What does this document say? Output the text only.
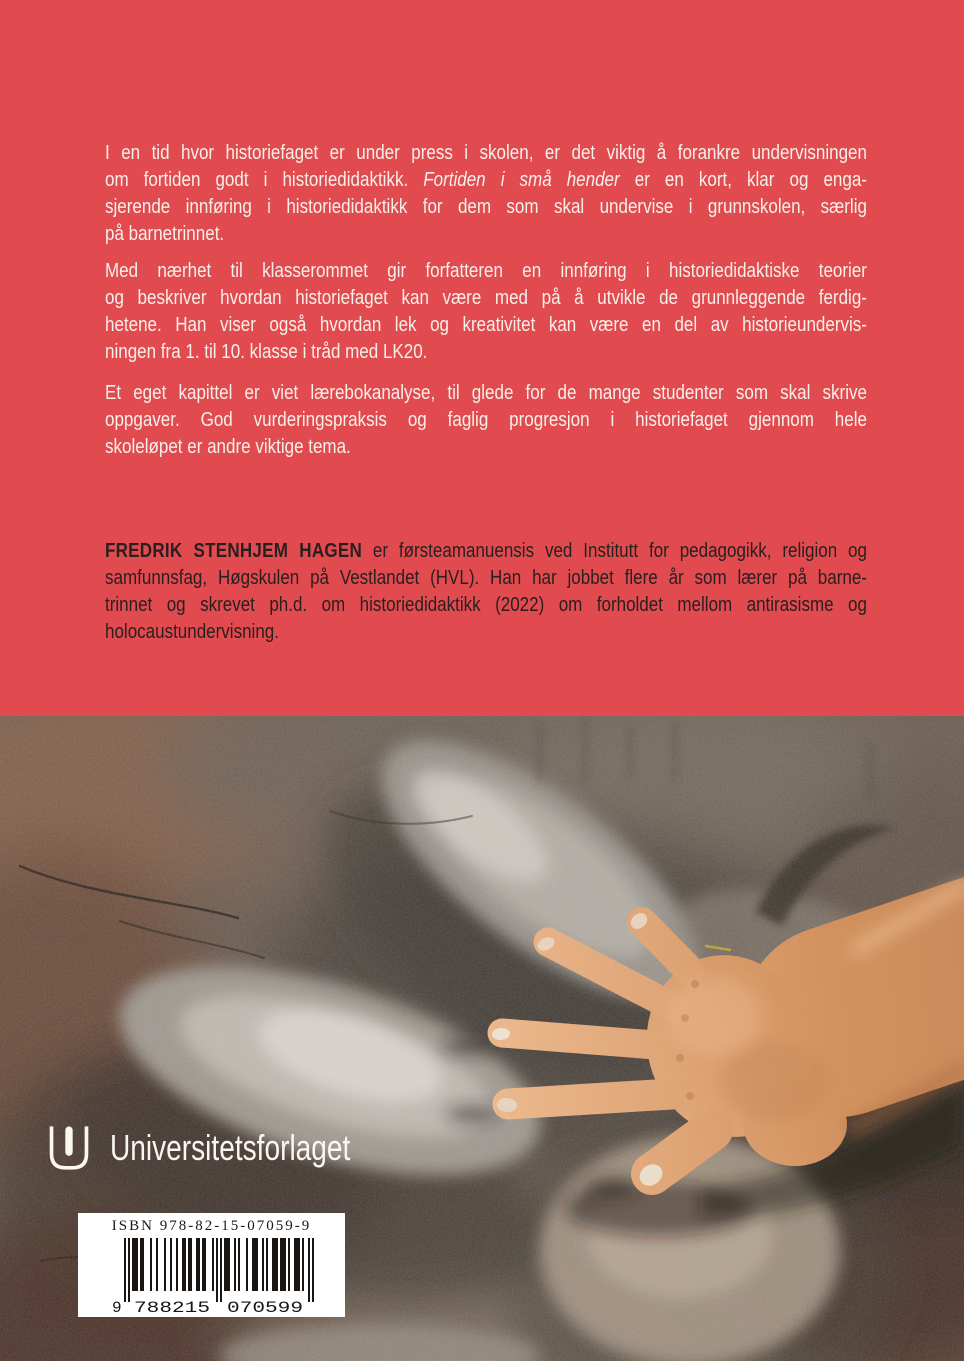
I en tid hvor historiefaget er under press i skolen, er det viktig å forankre undervisningen
om fortiden godt i historiedidaktikk. Fortiden i små hender er en kort, klar og enga-
sjerende innføring i historiedidaktikk for dem som skal undervise i grunnskolen, særlig
på barnetrinnet.
Med nærhet til klasserommet gir forfatteren en innføring i historiedidaktiske teorier
og beskriver hvordan historiefaget kan være med på å utvikle de grunnleggende ferdig-
hetene. Han viser også hvordan lek og kreativitet kan være en del av historieundervis-
ningen fra 1. til 10. klasse i tråd med LK20.
Et eget kapittel er viet lærebokanalyse, til glede for de mange studenter som skal skrive
oppgaver. God vurderingspraksis og faglig progresjon i historiefaget gjennom hele
skoleløpet er andre viktige tema.
FREDRIK STENHJEM HAGEN er førsteamanuensis ved Institutt for pedagogikk, religion og
samfunnsfag, Høgskulen på Vestlandet (HVL). Han har jobbet flere år som lærer på barne-
trinnet og skrevet ph.d. om historiedidaktikk (2022) om forholdet mellom antirasisme og
holocaustundervisning.
Universitetsforlaget
ISBN 978-82-15-07059-9
9 788215 070599
